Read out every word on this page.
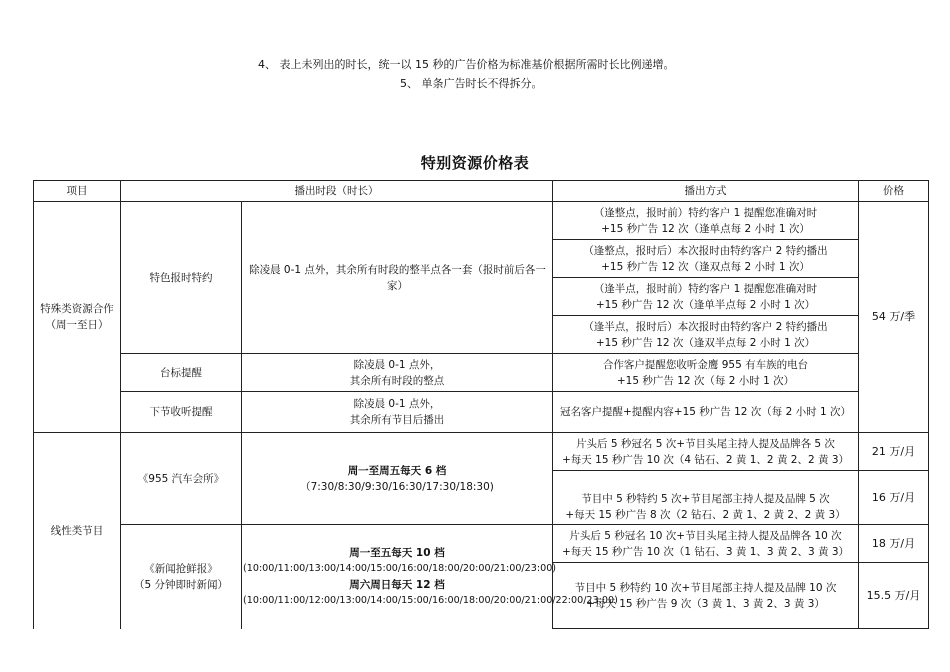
4、 表上未列出的时长，统一以 15 秒的广告价格为标准基价根据所需时长比例递增。
5、 单条广告时长不得拆分。
特别资源价格表
项目	播出时段（时长）		播出方式	价格

特殊类资源合作
（周一至日）	特色报时特约	除凌晨 0-1 点外，其余所有时段的整半点各一套（报时前后各一家）	（逢整点，报时前）特约客户 1 提醒您准确对时
+15 秒广告 12 次（逢单点每 2 小时 1 次）	54 万/季

			（逢整点，报时后）本次报时由特约客户 2 特约播出
+15 秒广告 12 次（逢双点每 2 小时 1 次）	

			（逢半点，报时前）特约客户 1 提醒您准确对时
+15 秒广告 12 次（逢单半点每 2 小时 1 次）	

			（逢半点，报时后）本次报时由特约客户 2 特约播出
+15 秒广告 12 次（逢双半点每 2 小时 1 次）	

	台标提醒	除凌晨 0-1 点外，
其余所有时段的整点	合作客户提醒您收听金鹰 955 有车族的电台
+15 秒广告 12 次（每 2 小时 1 次）	

	下节收听提醒	除凌晨 0-1 点外，
其余所有节目后播出	冠名客户提醒+提醒内容+15 秒广告 12 次（每 2 小时 1 次）	
线性类节目	《955 汽车会所》	周一至周五每天 6 档
（7:30/8:30/9:30/16:30/17:30/18:30)	片头后 5 秒冠名 5 次+节目头尾主持人提及品牌各 5 次
+每天 15 秒广告 10 次（4 钻石、2 黄 1、2 黄 2、2 黄 3）	21 万/月

			节目中 5 秒特约 5 次+节目尾部主持人提及品牌 5 次
+每天 15 秒广告 8 次（2 钻石、2 黄 1、2 黄 2、2 黄 3）	16 万/月

	《新闻抢鲜报》
（5 分钟即时新闻）	周一至五每天 10 档
(10:00/11:00/13:00/14:00/15:00/16:00/18:00/20:00/21:00/23:00)
周六周日每天 12 档
(10:00/11:00/12:00/13:00/14:00/15:00/16:00/18:00/20:00/21:00/22:00/23:00)	片头后 5 秒冠名 10 次+节目头尾主持人提及品牌各 10 次
+每天 15 秒广告 10 次（1 钻石、3 黄 1、3 黄 2、3 黄 3）	18 万/月

			节目中 5 秒特约 10 次+节目尾部主持人提及品牌 10 次
+每天 15 秒广告 9 次（3 黄 1、3 黄 2、3 黄 3）	15.5 万/月
